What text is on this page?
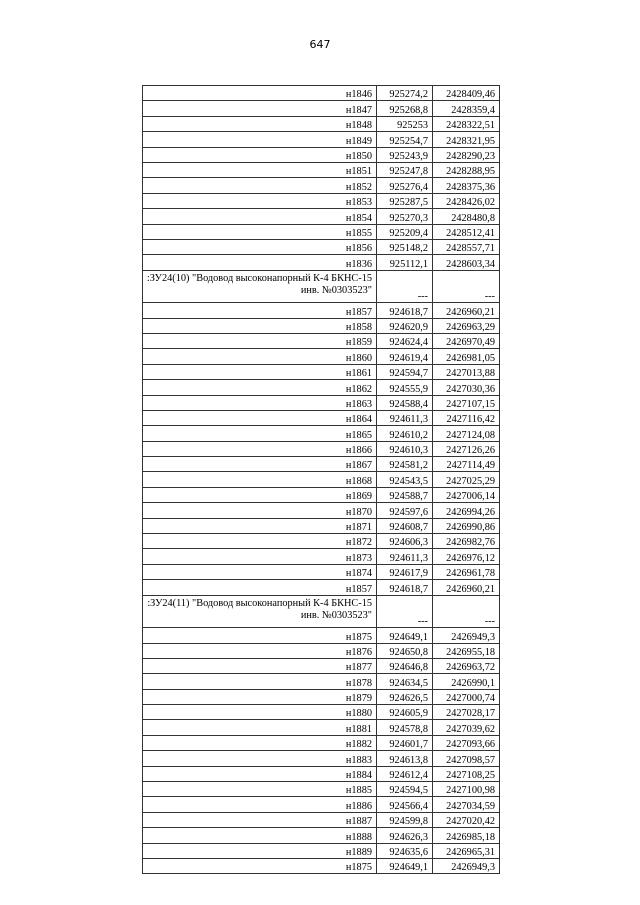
647
н1846	925274,2	2428409,46
н1847	925268,8	2428359,4
н1848	925253	2428322,51
н1849	925254,7	2428321,95
н1850	925243,9	2428290,23
н1851	925247,8	2428288,95
н1852	925276,4	2428375,36
н1853	925287,5	2428426,02
н1854	925270,3	2428480,8
н1855	925209,4	2428512,41
н1856	925148,2	2428557,71
н1836	925112,1	2428603,34
:ЗУ24(10) "Водовод высоконапорный К-4 БКНС-15 инв. №0303523"	---	---
н1857	924618,7	2426960,21
н1858	924620,9	2426963,29
н1859	924624,4	2426970,49
н1860	924619,4	2426981,05
н1861	924594,7	2427013,88
н1862	924555,9	2427030,36
н1863	924588,4	2427107,15
н1864	924611,3	2427116,42
н1865	924610,2	2427124,08
н1866	924610,3	2427126,26
н1867	924581,2	2427114,49
н1868	924543,5	2427025,29
н1869	924588,7	2427006,14
н1870	924597,6	2426994,26
н1871	924608,7	2426990,86
н1872	924606,3	2426982,76
н1873	924611,3	2426976,12
н1874	924617,9	2426961,78
н1857	924618,7	2426960,21
:ЗУ24(11) "Водовод высоконапорный К-4 БКНС-15 инв. №0303523"	---	---
н1875	924649,1	2426949,3
н1876	924650,8	2426955,18
н1877	924646,8	2426963,72
н1878	924634,5	2426990,1
н1879	924626,5	2427000,74
н1880	924605,9	2427028,17
н1881	924578,8	2427039,62
н1882	924601,7	2427093,66
н1883	924613,8	2427098,57
н1884	924612,4	2427108,25
н1885	924594,5	2427100,98
н1886	924566,4	2427034,59
н1887	924599,8	2427020,42
н1888	924626,3	2426985,18
н1889	924635,6	2426965,31
н1875	924649,1	2426949,3
